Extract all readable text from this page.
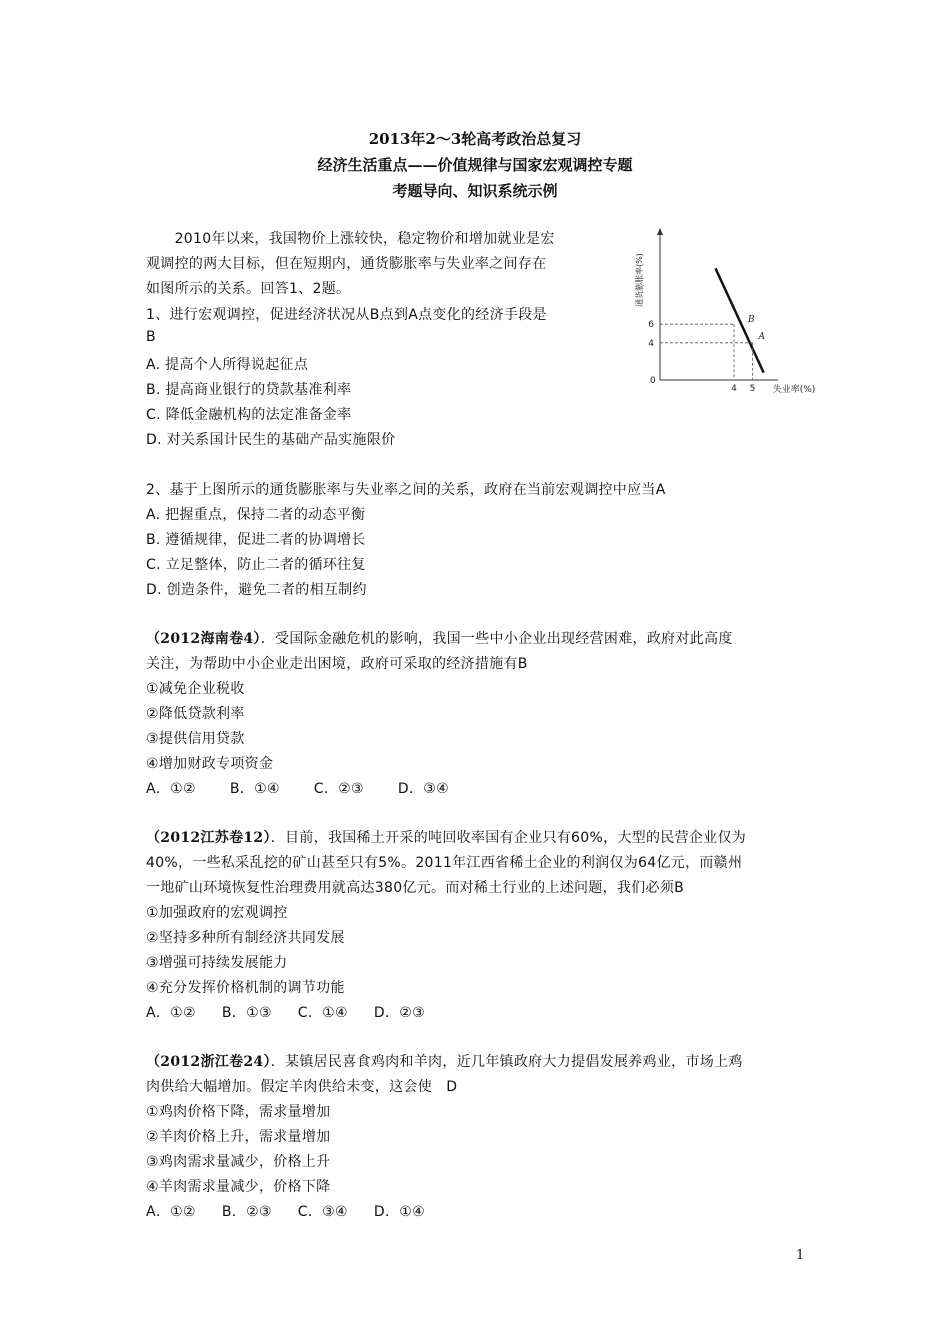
2013年2～3轮高考政治总复习
经济生活重点——价值规律与国家宏观调控专题
考题导向、知识系统示例
　　2010年以来，我国物价上涨较快，稳定物价和增加就业是宏
观调控的两大目标，但在短期内，通货膨胀率与失业率之间存在
如图所示的关系。回答1、2题。
1、进行宏观调控，促进经济状况从B点到A点变化的经济手段是
B
A. 提高个人所得说起征点
B. 提高商业银行的贷款基准利率
C. 降低金融机构的法定准备金率
D. 对关系国计民生的基础产品实施限价
2、基于上图所示的通货膨胀率与失业率之间的关系，政府在当前宏观调控中应当A
A. 把握重点，保持二者的动态平衡
B. 遵循规律，促进二者的协调增长
C. 立足整体，防止二者的循环往复
D. 创造条件，避免二者的相互制约
（2012海南卷4）．受国际金融危机的影响，我国一些中小企业出现经营困难，政府对此高度
关注，为帮助中小企业走出困境，政府可采取的经济措施有B
①减免企业税收
②降低贷款利率
③提供信用贷款
④增加财政专项资金
A．①② B．①④ C．②③ D．③④
（2012江苏卷12）．目前，我国稀土开采的吨回收率国有企业只有60%，大型的民营企业仅为
40%，一些私采乱挖的矿山甚至只有5%。2011年江西省稀土企业的利润仅为64亿元，而赣州
一地矿山环境恢复性治理费用就高达380亿元。而对稀土行业的上述问题，我们必须B
①加强政府的宏观调控
②坚持多种所有制经济共同发展
③增强可持续发展能力
④充分发挥价格机制的调节功能
A．①② B．①③ C．①④ D．②③
（2012浙江卷24）．某镇居民喜食鸡肉和羊肉，近几年镇政府大力提倡发展养鸡业，市场上鸡
肉供给大幅增加。假定羊肉供给未变，这会使　D
①鸡肉价格下降，需求量增加
②羊肉价格上升，需求量增加
③鸡肉需求量减少，价格上升
④羊肉需求量减少，价格下降
A．①② B．②③ C．③④ D．①④
通货膨胀率(%)
失业率(%)
0
B
A
6
4
4 5
1
